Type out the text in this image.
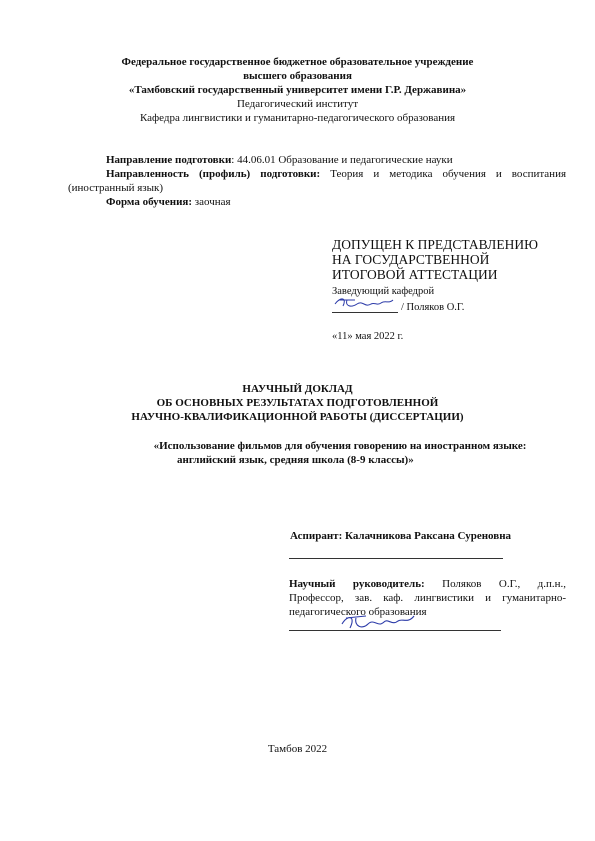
Федеральное государственное бюджетное образовательное учреждение
высшего образования
«Тамбовский государственный университет имени Г.Р. Державина»
Педагогический институт
Кафедра лингвистики и гуманитарно-педагогического образования
Направление подготовки: 44.06.01 Образование и педагогические науки
Направленность (профиль) подготовки: Теория и методика обучения и воспитания
(иностранный язык)
Форма обучения: заочная
ДОПУЩЕН К ПРЕДСТАВЛЕНИЮ
НА ГОСУДАРСТВЕННОЙ
ИТОГОВОЙ АТТЕСТАЦИИ
Заведующий кафедрой
/ Поляков О.Г.
«11» мая 2022 г.
НАУЧНЫЙ ДОКЛАД
ОБ ОСНОВНЫХ РЕЗУЛЬТАТАХ ПОДГОТОВЛЕННОЙ
НАУЧНО-КВАЛИФИКАЦИОННОЙ РАБОТЫ (ДИССЕРТАЦИИ)
«Использование фильмов для обучения говорению на иностранном языке:
английский язык, средняя школа (8-9 классы)»
Аспирант: Калачникова Раксана Суреновна
Научный руководитель: Поляков О.Г., д.п.н.,
Профессор, зав. каф. лингвистики и гуманитарно-
педагогического образования
Тамбов 2022
